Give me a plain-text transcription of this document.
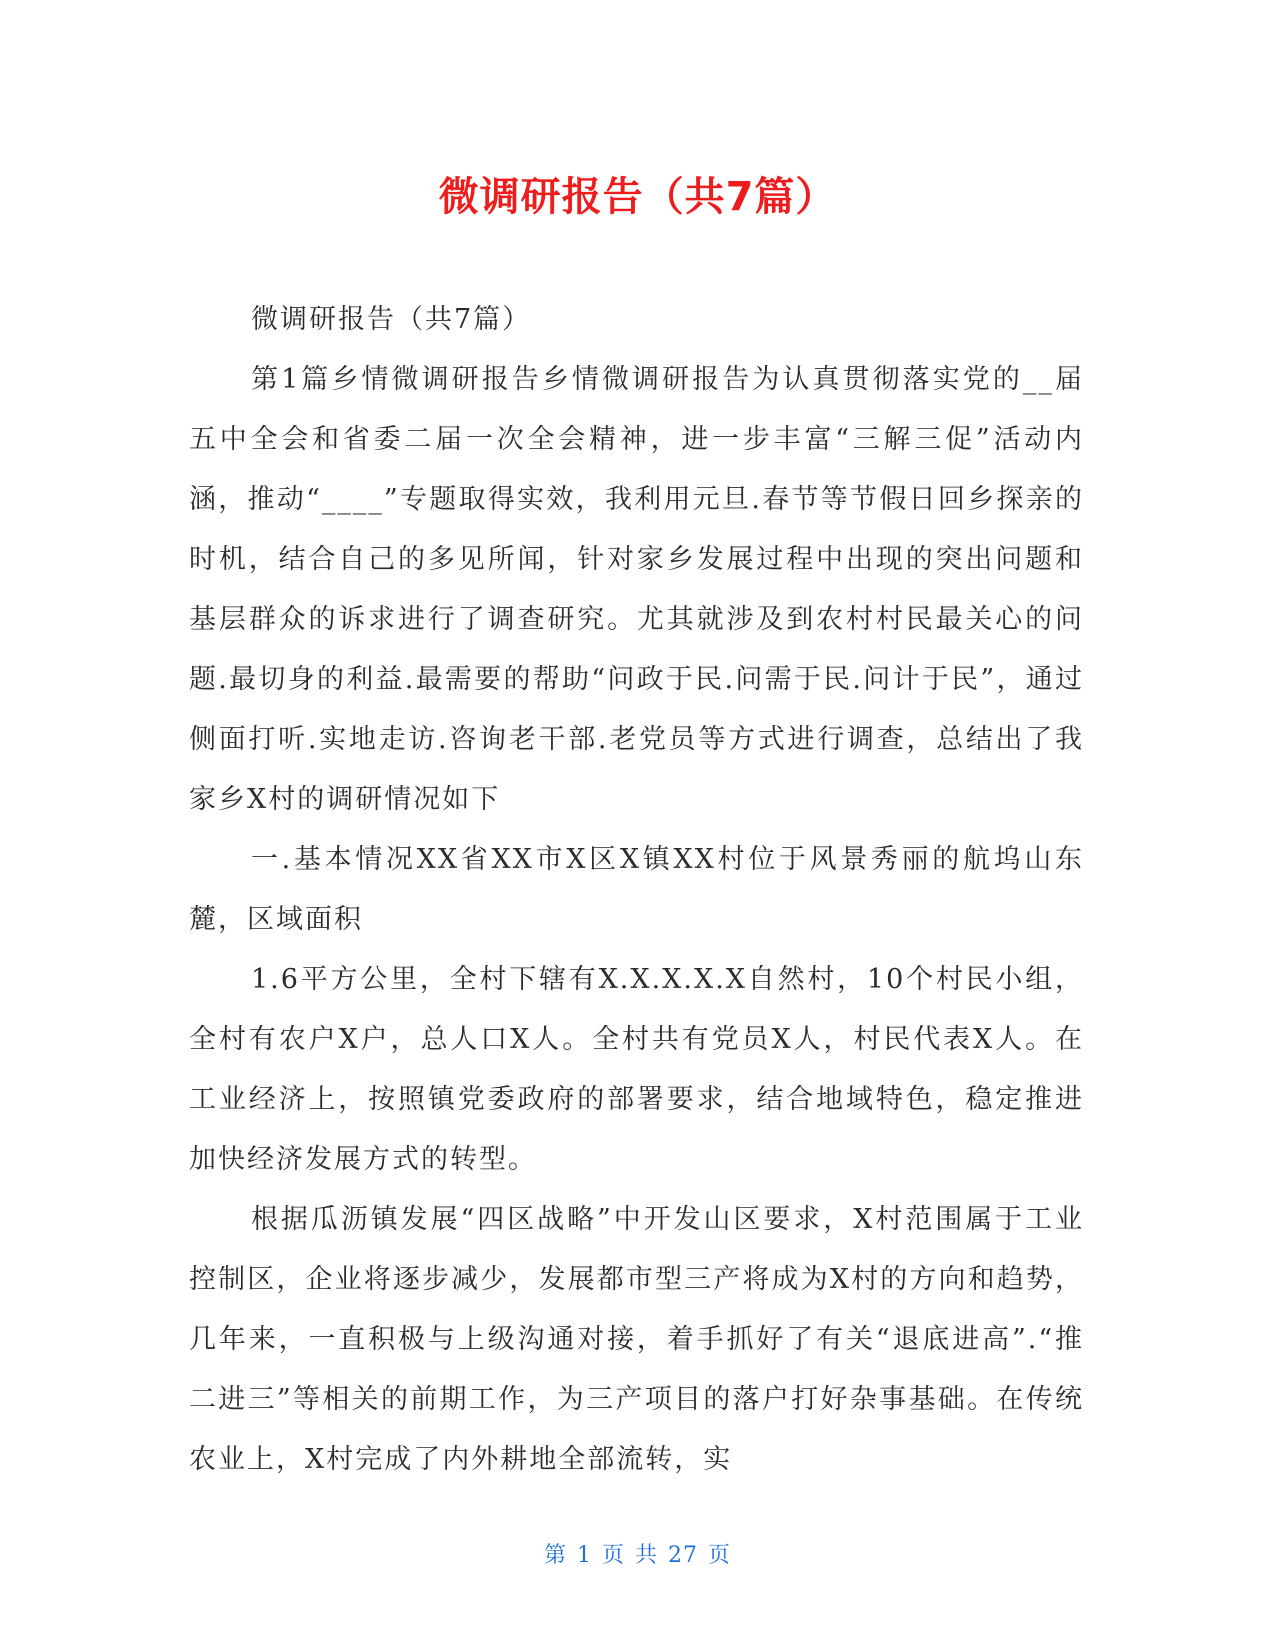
微调研报告（共7篇）

微调研报告（共7篇）

第1篇乡情微调研报告乡情微调研报告为认真贯彻落实党的__届五中全会和省委二届一次全会精神，进一步丰富“三解三促”活动内涵，推动“____”专题取得实效，我利用元旦.春节等节假日回乡探亲的时机，结合自己的多见所闻，针对家乡发展过程中出现的突出问题和基层群众的诉求进行了调查研究。尤其就涉及到农村村民最关心的问题.最切身的利益.最需要的帮助“问政于民.问需于民.问计于民”，通过侧面打听.实地走访.咨询老干部.老党员等方式进行调查，总结出了我家乡X村的调研情况如下

一.基本情况XX省XX市X区X镇XX村位于风景秀丽的航坞山东麓，区域面积

1.6平方公里，全村下辖有X.X.X.X.X自然村，10个村民小组，全村有农户X户，总人口X人。全村共有党员X人，村民代表X人。在工业经济上，按照镇党委政府的部署要求，结合地域特色，稳定推进加快经济发展方式的转型。

根据瓜沥镇发展“四区战略”中开发山区要求，X村范围属于工业控制区，企业将逐步减少，发展都市型三产将成为X村的方向和趋势，几年来，一直积极与上级沟通对接，着手抓好了有关“退底进高”.“推二进三”等相关的前期工作，为三产项目的落户打好杂事基础。在传统农业上，X村完成了内外耕地全部流转，实

第 1 页 共 27 页
